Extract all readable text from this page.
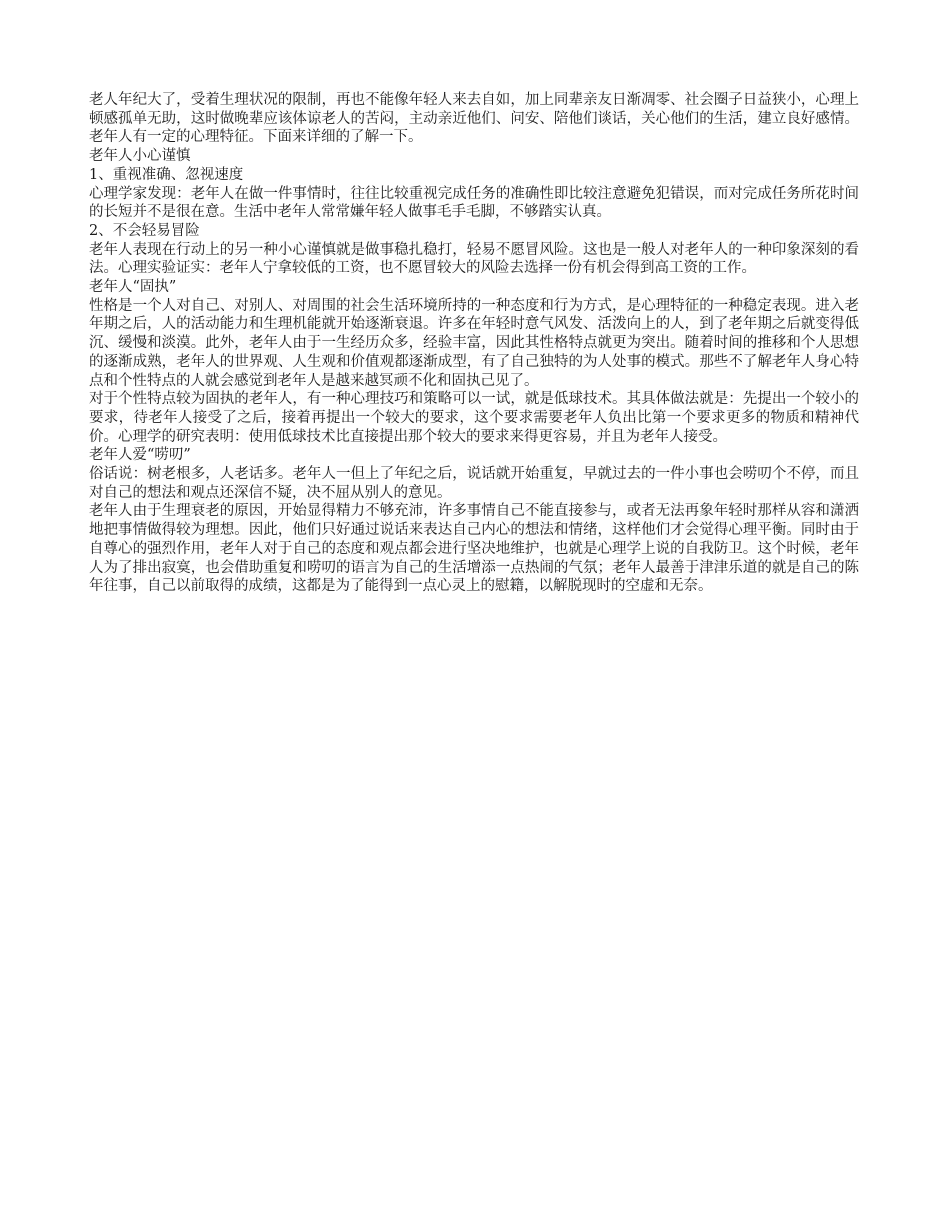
老人年纪大了，受着生理状况的限制，再也不能像年轻人来去自如，加上同辈亲友日渐凋零、社会圈子日益狭小，心理上顿感孤单无助，这时做晚辈应该体谅老人的苦闷，主动亲近他们、问安、陪他们谈话，关心他们的生活，建立良好感情。老年人有一定的心理特征。下面来详细的了解一下。

老年人小心谨慎

1、重视准确、忽视速度

心理学家发现：老年人在做一件事情时，往往比较重视完成任务的准确性即比较注意避免犯错误，而对完成任务所花时间的长短并不是很在意。生活中老年人常常嫌年轻人做事毛手毛脚，不够踏实认真。

2、不会轻易冒险

老年人表现在行动上的另一种小心谨慎就是做事稳扎稳打，轻易不愿冒风险。这也是一般人对老年人的一种印象深刻的看法。心理实验证实：老年人宁拿较低的工资，也不愿冒较大的风险去选择一份有机会得到高工资的工作。

老年人“固执”

性格是一个人对自己、对别人、对周围的社会生活环境所持的一种态度和行为方式，是心理特征的一种稳定表现。进入老年期之后，人的活动能力和生理机能就开始逐渐衰退。许多在年轻时意气风发、活泼向上的人，到了老年期之后就变得低沉、缓慢和淡漠。此外，老年人由于一生经历众多，经验丰富，因此其性格特点就更为突出。随着时间的推移和个人思想的逐渐成熟，老年人的世界观、人生观和价值观都逐渐成型，有了自己独特的为人处事的模式。那些不了解老年人身心特点和个性特点的人就会感觉到老年人是越来越冥顽不化和固执己见了。

对于个性特点较为固执的老年人，有一种心理技巧和策略可以一试，就是低球技术。其具体做法就是：先提出一个较小的要求，待老年人接受了之后，接着再提出一个较大的要求，这个要求需要老年人负出比第一个要求更多的物质和精神代价。心理学的研究表明：使用低球技术比直接提出那个较大的要求来得更容易，并且为老年人接受。

老年人爱“唠叨”

俗话说：树老根多，人老话多。老年人一但上了年纪之后，说话就开始重复，早就过去的一件小事也会唠叨个不停，而且对自己的想法和观点还深信不疑，决不屈从别人的意见。

老年人由于生理衰老的原因，开始显得精力不够充沛，许多事情自己不能直接参与，或者无法再象年轻时那样从容和潇洒地把事情做得较为理想。因此，他们只好通过说话来表达自己内心的想法和情绪，这样他们才会觉得心理平衡。同时由于自尊心的强烈作用，老年人对于自己的态度和观点都会进行坚决地维护，也就是心理学上说的自我防卫。这个时候，老年人为了排出寂寞，也会借助重复和唠叨的语言为自己的生活增添一点热闹的气氛；老年人最善于津津乐道的就是自己的陈年往事，自己以前取得的成绩，这都是为了能得到一点心灵上的慰籍，以解脱现时的空虚和无奈。
